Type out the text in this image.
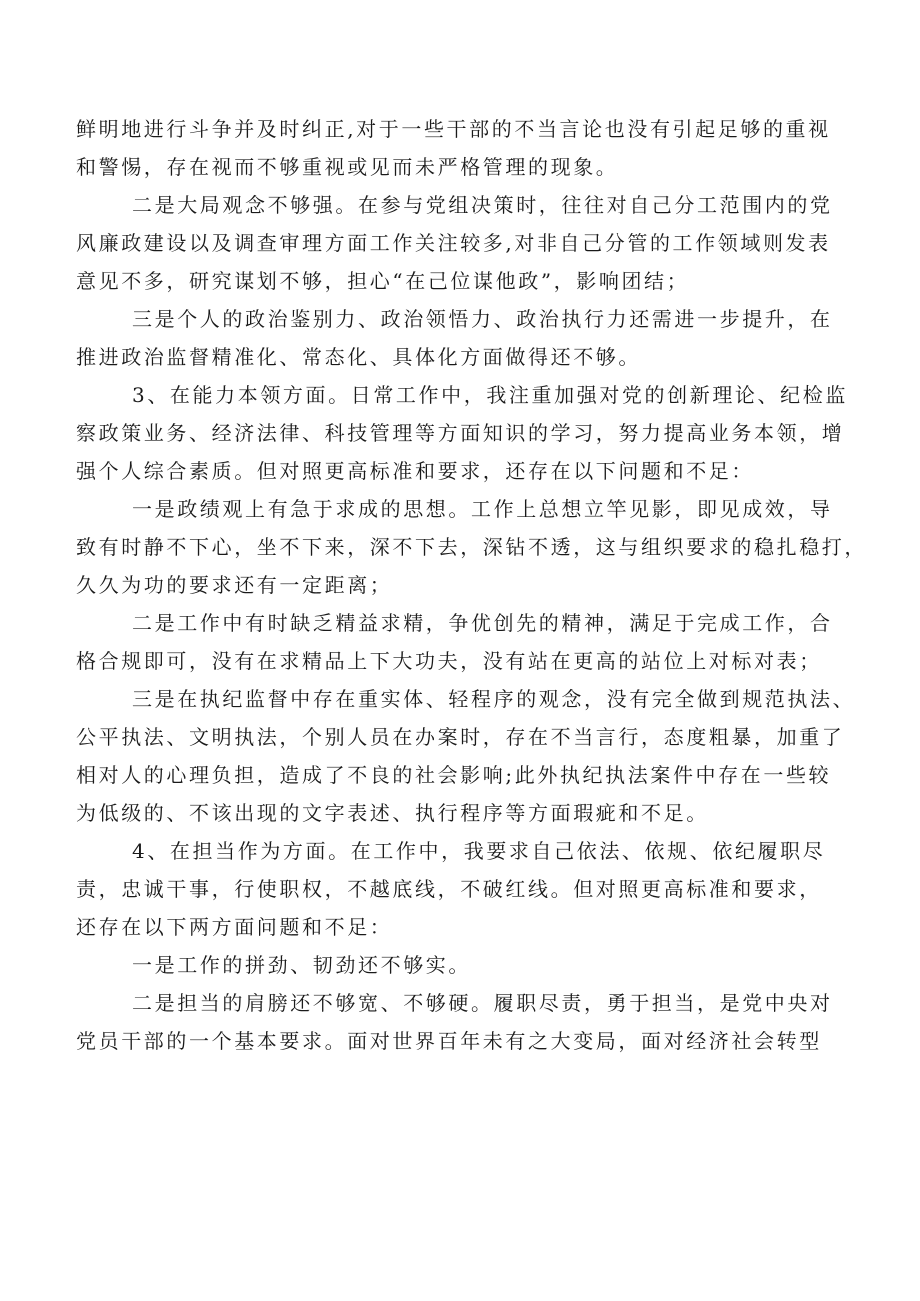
鲜明地进行斗争并及时纠正,对于一些干部的不当言论也没有引起足够的重视
和警惕，存在视而不够重视或见而未严格管理的现象。
二是大局观念不够强。在参与党组决策时，往往对自己分工范围内的党
风廉政建设以及调查审理方面工作关注较多,对非自己分管的工作领域则发表
意见不多，研究谋划不够，担心“在己位谋他政”，影响团结；
三是个人的政治鉴别力、政治领悟力、政治执行力还需进一步提升，在
推进政治监督精准化、常态化、具体化方面做得还不够。
3、在能力本领方面。日常工作中，我注重加强对党的创新理论、纪检监
察政策业务、经济法律、科技管理等方面知识的学习，努力提高业务本领，增
强个人综合素质。但对照更高标准和要求，还存在以下问题和不足：
一是政绩观上有急于求成的思想。工作上总想立竿见影，即见成效，导
致有时静不下心，坐不下来，深不下去，深钻不透，这与组织要求的稳扎稳打，
久久为功的要求还有一定距离；
二是工作中有时缺乏精益求精，争优创先的精神，满足于完成工作，合
格合规即可，没有在求精品上下大功夫，没有站在更高的站位上对标对表；
三是在执纪监督中存在重实体、轻程序的观念，没有完全做到规范执法、
公平执法、文明执法，个别人员在办案时，存在不当言行，态度粗暴，加重了
相对人的心理负担，造成了不良的社会影响;此外执纪执法案件中存在一些较
为低级的、不该出现的文字表述、执行程序等方面瑕疵和不足。
4、在担当作为方面。在工作中，我要求自己依法、依规、依纪履职尽
责，忠诚干事，行使职权，不越底线，不破红线。但对照更高标准和要求，
还存在以下两方面问题和不足：
一是工作的拼劲、韧劲还不够实。
二是担当的肩膀还不够宽、不够硬。履职尽责，勇于担当，是党中央对
党员干部的一个基本要求。面对世界百年未有之大变局，面对经济社会转型
